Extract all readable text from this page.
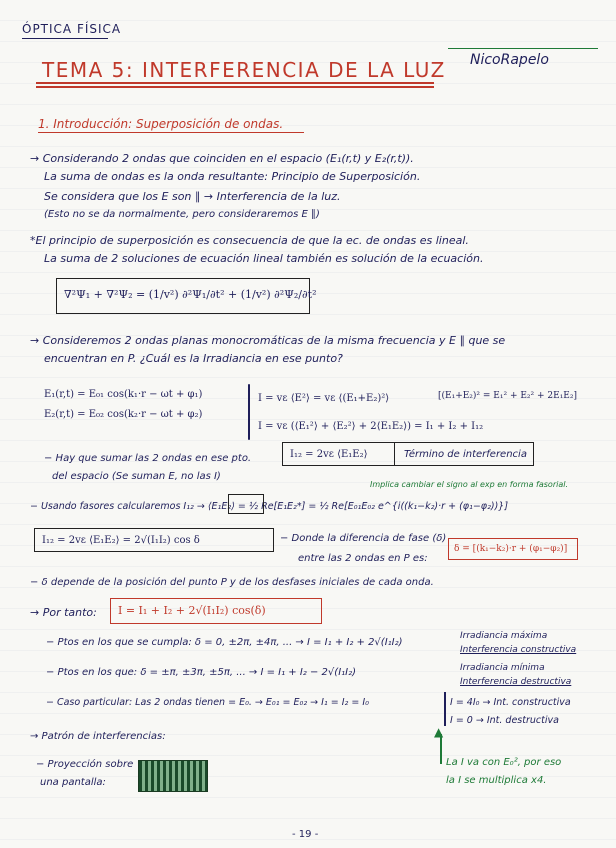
ÓPTICA FÍSICA
TEMA 5: INTERFERENCIA DE LA LUZ NicoRapelo
1. Introducción: Superposición de ondas.
→ Considerando 2 ondas que coinciden en el espacio (E₁(r,t) y E₂(r,t)).
La suma de ondas es la onda resultante: Principio de Superposición.
Se considera que los E son ∥ → Interferencia de la luz.
(Esto no se da normalmente, pero consideraremos E ∥)
*El principio de superposición es consecuencia de que la ec. de ondas es lineal.
La suma de 2 soluciones de ecuación lineal también es solución de la ecuación.
∇²Ψ₁ + ∇²Ψ₂ = (1/v²) ∂²Ψ₁/∂t² + (1/v²) ∂²Ψ₂/∂t²
→ Consideremos 2 ondas planas monocromáticas de la misma frecuencia y E ∥ que se
encuentran en P. ¿Cuál es la Irradiancia en ese punto?
E₁(r,t) = E₀₁ cos(k₁·r − ωt + φ₁)
E₂(r,t) = E₀₂ cos(k₂·r − ωt + φ₂)
I = vε ⟨E²⟩ = vε ⟨(E₁+E₂)²⟩	[(E₁+E₂)² = E₁² + E₂² + 2E₁E₂]
I = vε (⟨E₁²⟩ + ⟨E₂²⟩ + 2⟨E₁E₂⟩) = I₁ + I₂ + I₁₂
− Hay que sumar las 2 ondas en ese pto.
del espacio (Se suman E, no las I)
I₁₂ = 2vε ⟨E₁E₂⟩	Término de interferencia
Implica cambiar el signo al exp en forma fasorial.
− Usando fasores calcularemos I₁₂ → ⟨E₁E₂⟩ = ½ Re[E₁E₂*] = ½ Re[E₀₁E₀₂ e^{i((k₁−k₂)·r + (φ₁−φ₂))}]
I₁₂ = 2vε ⟨E₁E₂⟩ = 2√(I₁I₂) cos δ	− Donde la diferencia de fase (δ)
entre las 2 ondas en P es:
δ = [(k₁−k₂)·r + (φ₁−φ₂)]
− δ depende de la posición del punto P y de los desfases iniciales de cada onda.
→ Por tanto: I = I₁ + I₂ + 2√(I₁I₂) cos(δ)
− Ptos en los que se cumpla: δ = 0, ±2π, ±4π, ... → I = I₁ + I₂ + 2√(I₁I₂)
Irradiancia máxima
Interferencia constructiva
− Ptos en los que: δ = ±π, ±3π, ±5π, ... → I = I₁ + I₂ − 2√(I₁I₂)	Irradiancia mínima
Interferencia destructiva
− Caso particular: Las 2 ondas tienen = E₀. → E₀₁ = E₀₂ → I₁ = I₂ = I₀	I = 4I₀ → Int. constructiva
I = 0 → Int. destructiva
→ Patrón de interferencias:
− Proyección sobre
una pantalla:
▲
La I va con E₀², por eso
la I se multiplica x4.
- 19 -
